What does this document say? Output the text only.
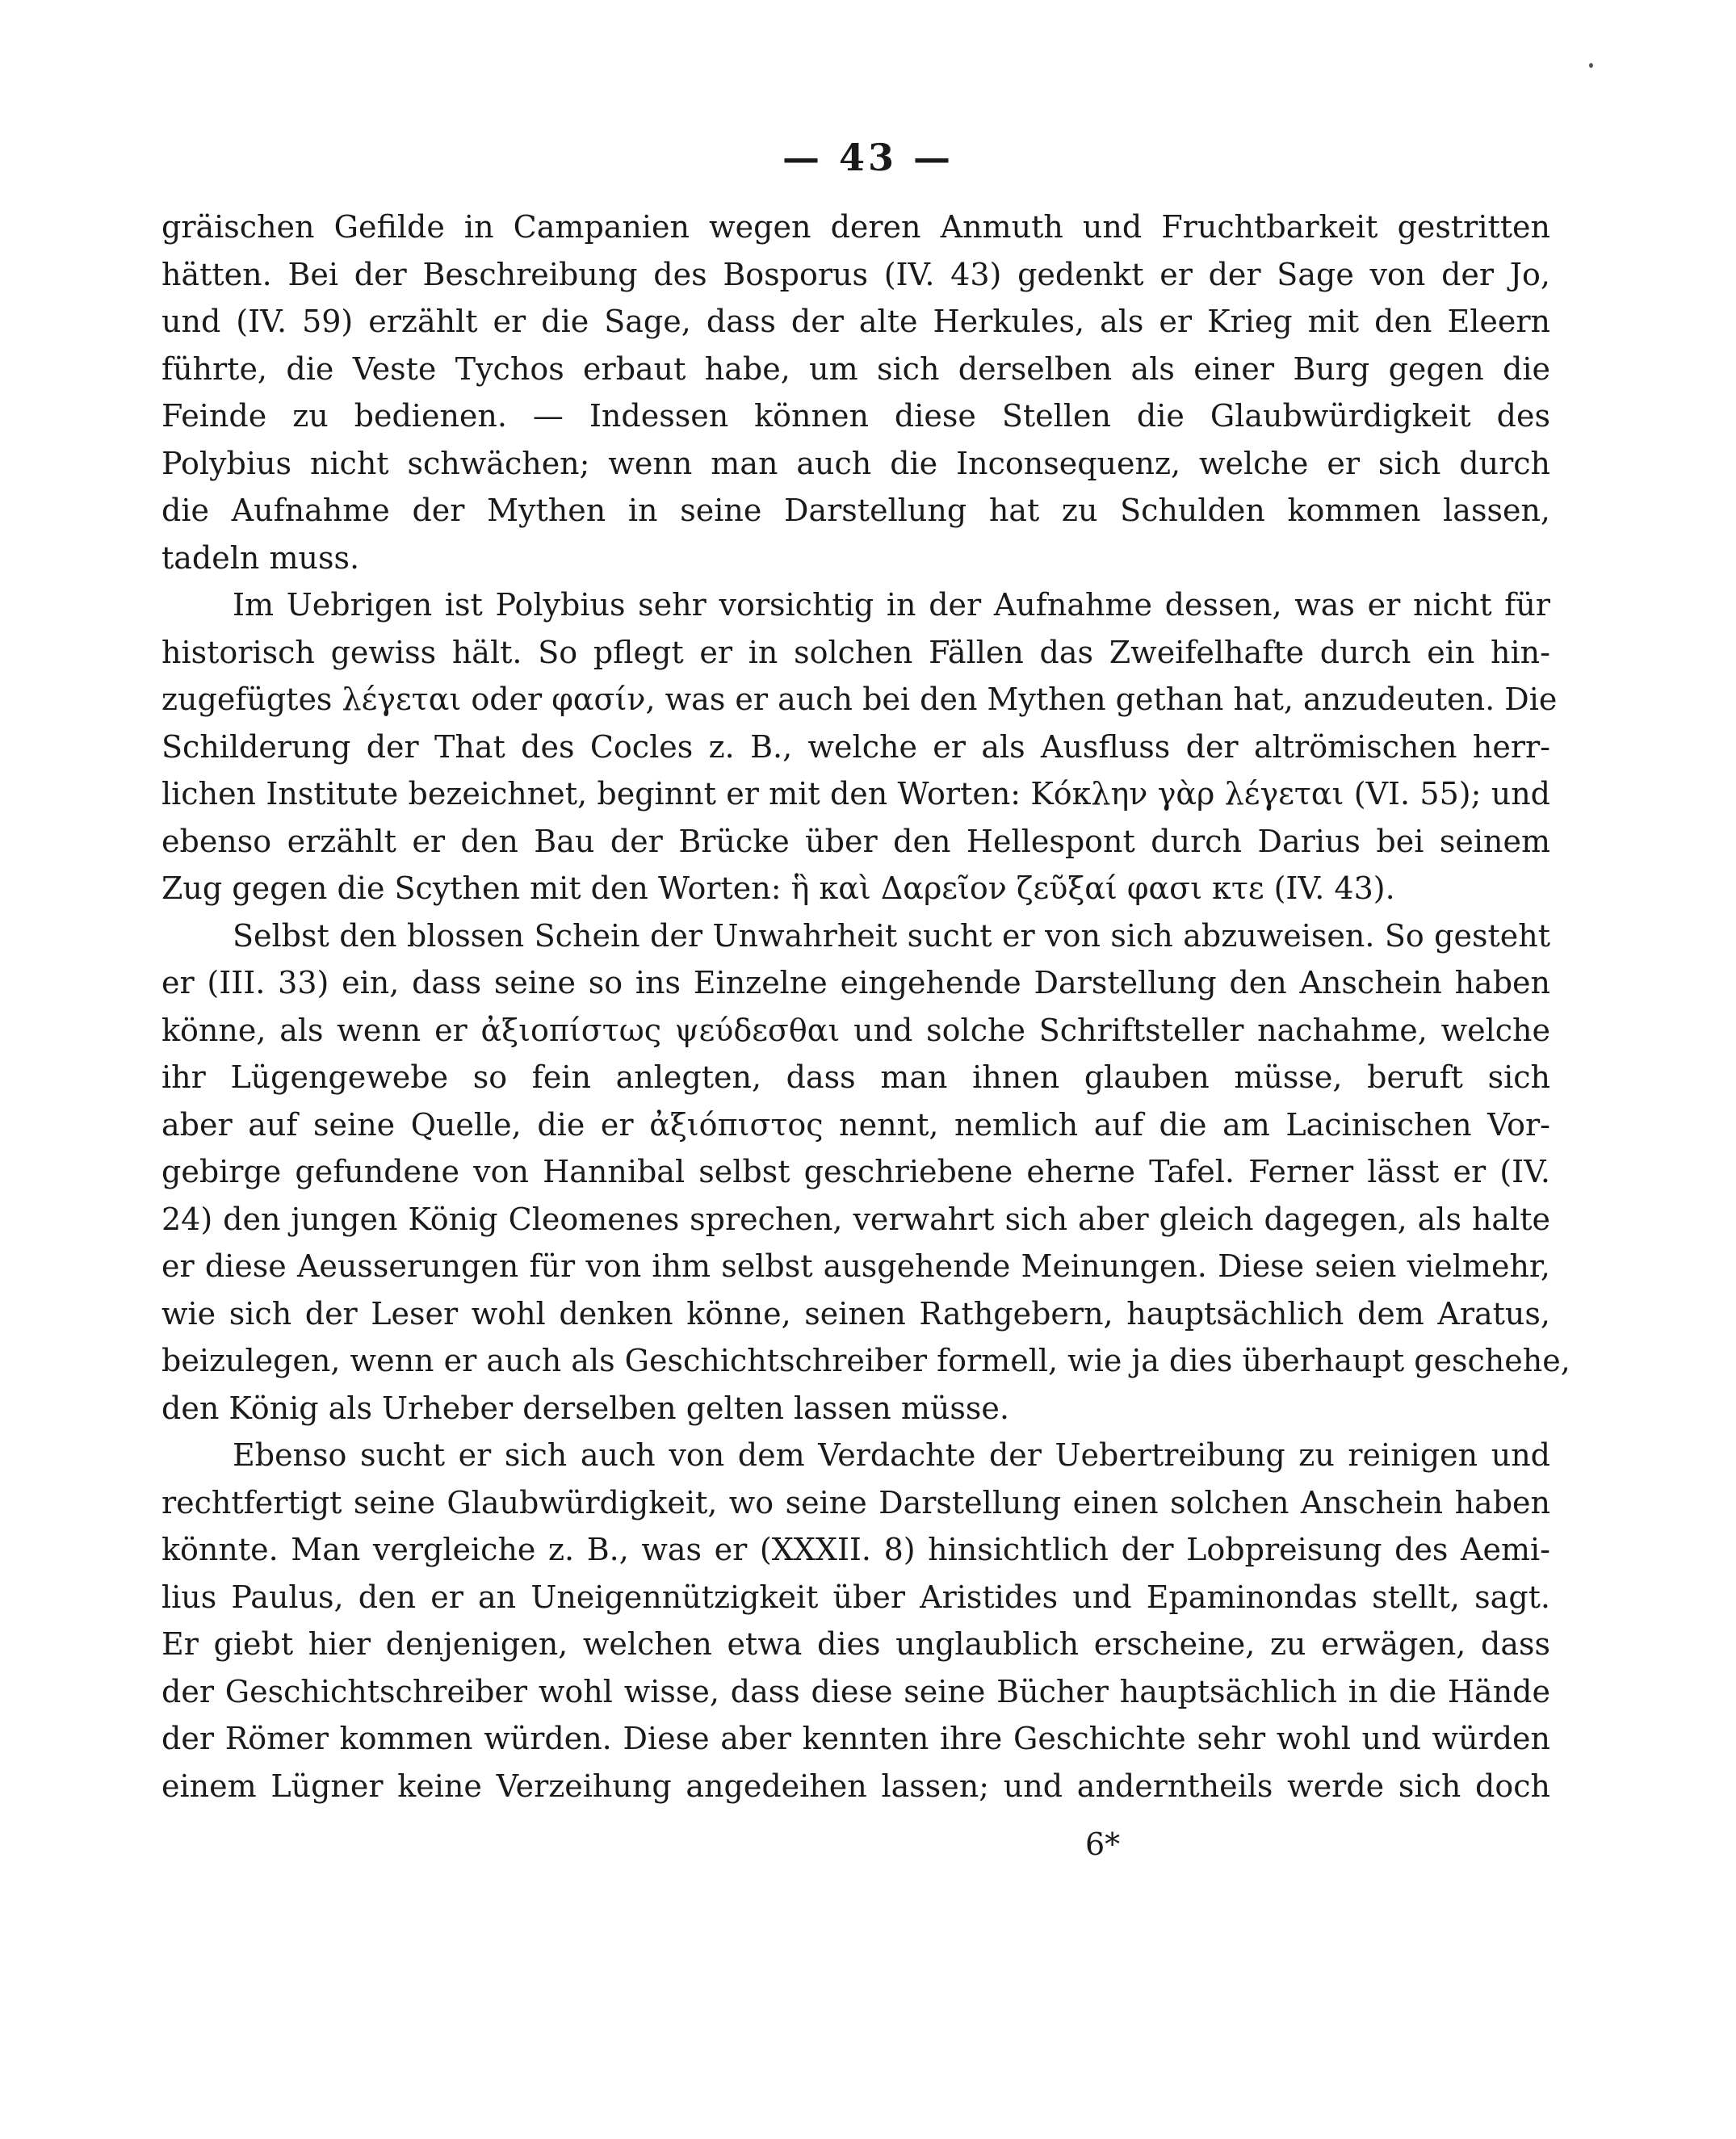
— 43 —
gräischen Gefilde in Campanien wegen deren Anmuth und Fruchtbarkeit gestritten
hätten. Bei der Beschreibung des Bosporus (IV. 43) gedenkt er der Sage von der Jo,
und (IV. 59) erzählt er die Sage, dass der alte Herkules, als er Krieg mit den Eleern
führte, die Veste Tychos erbaut habe, um sich derselben als einer Burg gegen die
Feinde zu bedienen. — Indessen können diese Stellen die Glaubwürdigkeit des
Polybius nicht schwächen; wenn man auch die Inconsequenz, welche er sich durch
die Aufnahme der Mythen in seine Darstellung hat zu Schulden kommen lassen,
tadeln muss.
Im Uebrigen ist Polybius sehr vorsichtig in der Aufnahme dessen, was er nicht für
historisch gewiss hält. So pflegt er in solchen Fällen das Zweifelhafte durch ein hin-
zugefügtes λέγεται oder φασίν, was er auch bei den Mythen gethan hat, anzudeuten. Die
Schilderung der That des Cocles z. B., welche er als Ausfluss der altrömischen herr-
lichen Institute bezeichnet, beginnt er mit den Worten: Κόκλην γὰρ λέγεται (VI. 55); und
ebenso erzählt er den Bau der Brücke über den Hellespont durch Darius bei seinem
Zug gegen die Scythen mit den Worten: ἣ καὶ Δαρεῖον ζεῦξαί φασι κτε (IV. 43).
Selbst den blossen Schein der Unwahrheit sucht er von sich abzuweisen. So gesteht
er (III. 33) ein, dass seine so ins Einzelne eingehende Darstellung den Anschein haben
könne, als wenn er ἀξιοπίστως ψεύδεσθαι und solche Schriftsteller nachahme, welche
ihr Lügengewebe so fein anlegten, dass man ihnen glauben müsse, beruft sich
aber auf seine Quelle, die er ἀξιόπιστος nennt, nemlich auf die am Lacinischen Vor-
gebirge gefundene von Hannibal selbst geschriebene eherne Tafel. Ferner lässt er (IV.
24) den jungen König Cleomenes sprechen, verwahrt sich aber gleich dagegen, als halte
er diese Aeusserungen für von ihm selbst ausgehende Meinungen. Diese seien vielmehr,
wie sich der Leser wohl denken könne, seinen Rathgebern, hauptsächlich dem Aratus,
beizulegen, wenn er auch als Geschichtschreiber formell, wie ja dies überhaupt geschehe,
den König als Urheber derselben gelten lassen müsse.
Ebenso sucht er sich auch von dem Verdachte der Uebertreibung zu reinigen und
rechtfertigt seine Glaubwürdigkeit, wo seine Darstellung einen solchen Anschein haben
könnte. Man vergleiche z. B., was er (XXXII. 8) hinsichtlich der Lobpreisung des Aemi-
lius Paulus, den er an Uneigennützigkeit über Aristides und Epaminondas stellt, sagt.
Er giebt hier denjenigen, welchen etwa dies unglaublich erscheine, zu erwägen, dass
der Geschichtschreiber wohl wisse, dass diese seine Bücher hauptsächlich in die Hände
der Römer kommen würden. Diese aber kennten ihre Geschichte sehr wohl und würden
einem Lügner keine Verzeihung angedeihen lassen; und anderntheils werde sich doch
6*
